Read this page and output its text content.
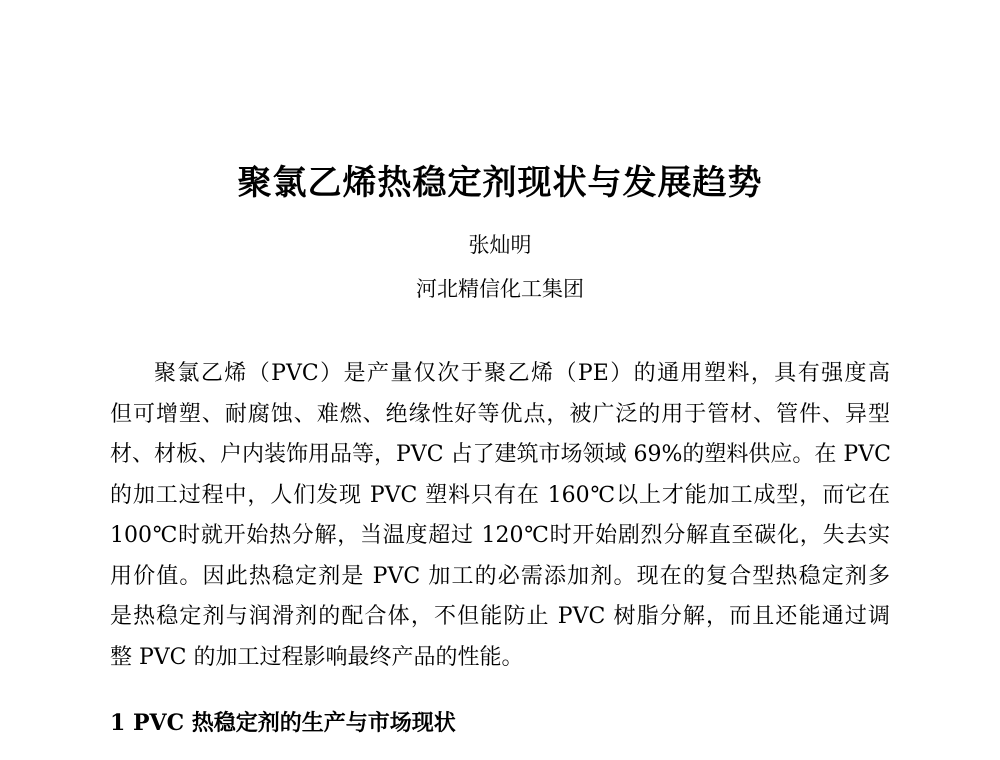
聚氯乙烯热稳定剂现状与发展趋势
张灿明
河北精信化工集团
聚氯乙烯（PVC）是产量仅次于聚乙烯（PE）的通用塑料，具有强度高
但可增塑、耐腐蚀、难燃、绝缘性好等优点，被广泛的用于管材、管件、异型
材、材板、户内装饰用品等，PVC 占了建筑市场领域 69%的塑料供应。在 PVC
的加工过程中，人们发现 PVC 塑料只有在 160℃以上才能加工成型，而它在
100℃时就开始热分解，当温度超过 120℃时开始剧烈分解直至碳化，失去实
用价值。因此热稳定剂是 PVC 加工的必需添加剂。现在的复合型热稳定剂多
是热稳定剂与润滑剂的配合体，不但能防止 PVC 树脂分解，而且还能通过调
整 PVC 的加工过程影响最终产品的性能。
1 PVC 热稳定剂的生产与市场现状
